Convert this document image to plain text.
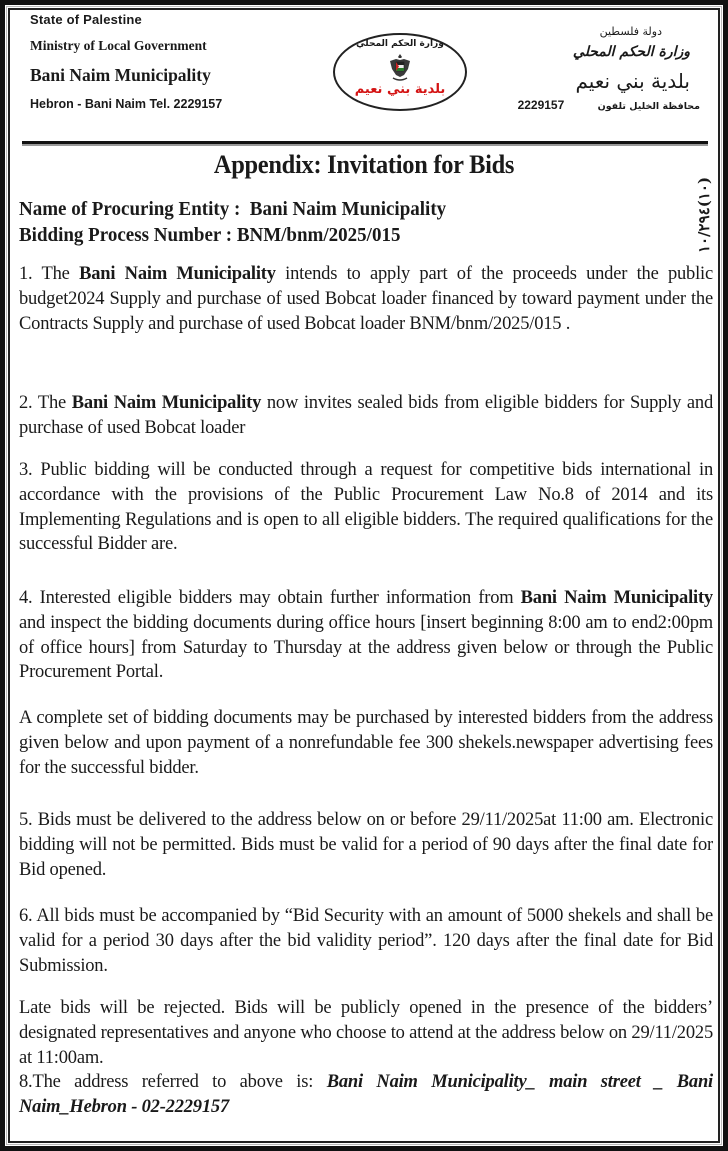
State of Palestine
Ministry of Local Government
Bani Naim Municipality
Hebron - Bani Naim Tel. 2229157
وزارة الحكم المحلي
بلدية بني نعيم
دولة فلسطين
وزارة الحكم المحلي
بلدية بني نعيم
محافظة الخليل تلفون 2229157
(١٠)١٠/٢٩٤
Appendix: Invitation for Bids
Name of Procuring Entity : Bani Naim Municipality
Bidding Process Number : BNM/bnm/2025/015

1. The Bani Naim Municipality intends to apply part of the proceeds under the public budget2024 Supply and purchase of used Bobcat loader financed by toward payment under the Contracts Supply and purchase of used Bobcat loader BNM/bnm/2025/015 .

2. The Bani Naim Municipality now invites sealed bids from eligible bidders for Supply and purchase of used Bobcat loader

3. Public bidding will be conducted through a request for competitive bids international in accordance with the provisions of the Public Procurement Law No.8 of 2014 and its Implementing Regulations and is open to all eligible bidders. The required qualifications for the successful Bidder are.

4. Interested eligible bidders may obtain further information from Bani Naim Municipality and inspect the bidding documents during office hours [insert beginning 8:00 am to end2:00pm of office hours] from Saturday to Thursday at the address given below or through the Public Procurement Portal.

A complete set of bidding documents may be purchased by interested bidders from the address given below and upon payment of a nonrefundable fee 300 shekels.newspaper advertising fees for the successful bidder.

5. Bids must be delivered to the address below on or before 29/11/2025at 11:00 am. Electronic bidding will not be permitted. Bids must be valid for a period of 90 days after the final date for Bid opened.

6. All bids must be accompanied by “Bid Security with an amount of 5000 shekels and shall be valid for a period 30 days after the bid validity period”. 120 days after the final date for Bid Submission.

Late bids will be rejected. Bids will be publicly opened in the presence of the bidders’ designated representatives and anyone who choose to attend at the address below on 29/11/2025 at 11:00am.

8.The address referred to above is: Bani Naim Municipality_ main street _ Bani Naim_Hebron - 02-2229157
